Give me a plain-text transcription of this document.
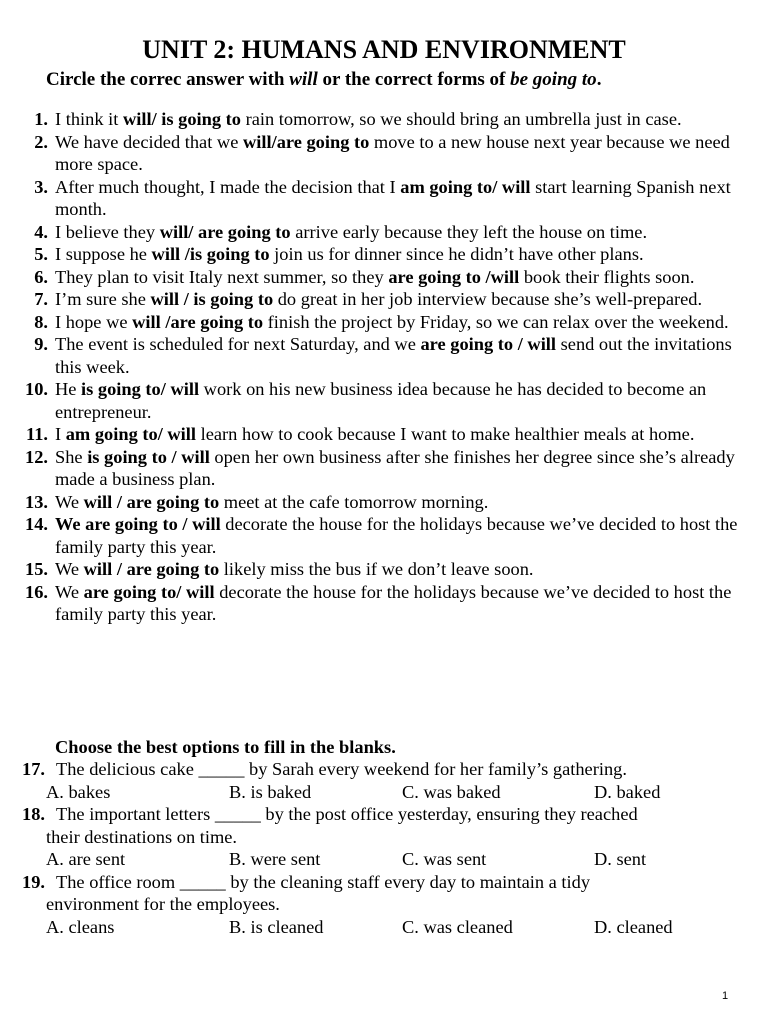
UNIT 2: HUMANS AND ENVIRONMENT
Circle the correc answer with will or the correct forms of be going to.
1. I think it will/ is going to rain tomorrow, so we should bring an umbrella just in case.
2. We have decided that we will/are going to move to a new house next year because we need more space.
3. After much thought, I made the decision that I am going to/ will start learning Spanish next month.
4. I believe they will/ are going to arrive early because they left the house on time.
5. I suppose he will /is going to join us for dinner since he didn’t have other plans.
6. They plan to visit Italy next summer, so they are going to /will book their flights soon.
7. I’m sure she will / is going to do great in her job interview because she’s well-prepared.
8. I hope we will /are going to finish the project by Friday, so we can relax over the weekend.
9. The event is scheduled for next Saturday, and we are going to / will send out the invitations this week.
10. He is going to/ will work on his new business idea because he has decided to become an entrepreneur.
11. I am going to/ will learn how to cook because I want to make healthier meals at home.
12. She is going to / will open her own business after she finishes her degree since she’s already made a business plan.
13. We will / are going to meet at the cafe tomorrow morning.
14. We are going to / will decorate the house for the holidays because we’ve decided to host the family party this year.
15. We will / are going to likely miss the bus if we don’t leave soon.
16. We are going to/ will decorate the house for the holidays because we’ve decided to host the family party this year.
Choose the best options to fill in the blanks.
17. The delicious cake _____ by Sarah every weekend for her family’s gathering.
A. bakes	B. is baked	C. was baked	D. baked
18. The important letters _____ by the post office yesterday, ensuring they reached
their destinations on time.
A. are sent	B. were sent	C. was sent	D. sent
19. The office room _____ by the cleaning staff every day to maintain a tidy
environment for the employees.
A. cleans	B. is cleaned	C. was cleaned	D. cleaned
1
